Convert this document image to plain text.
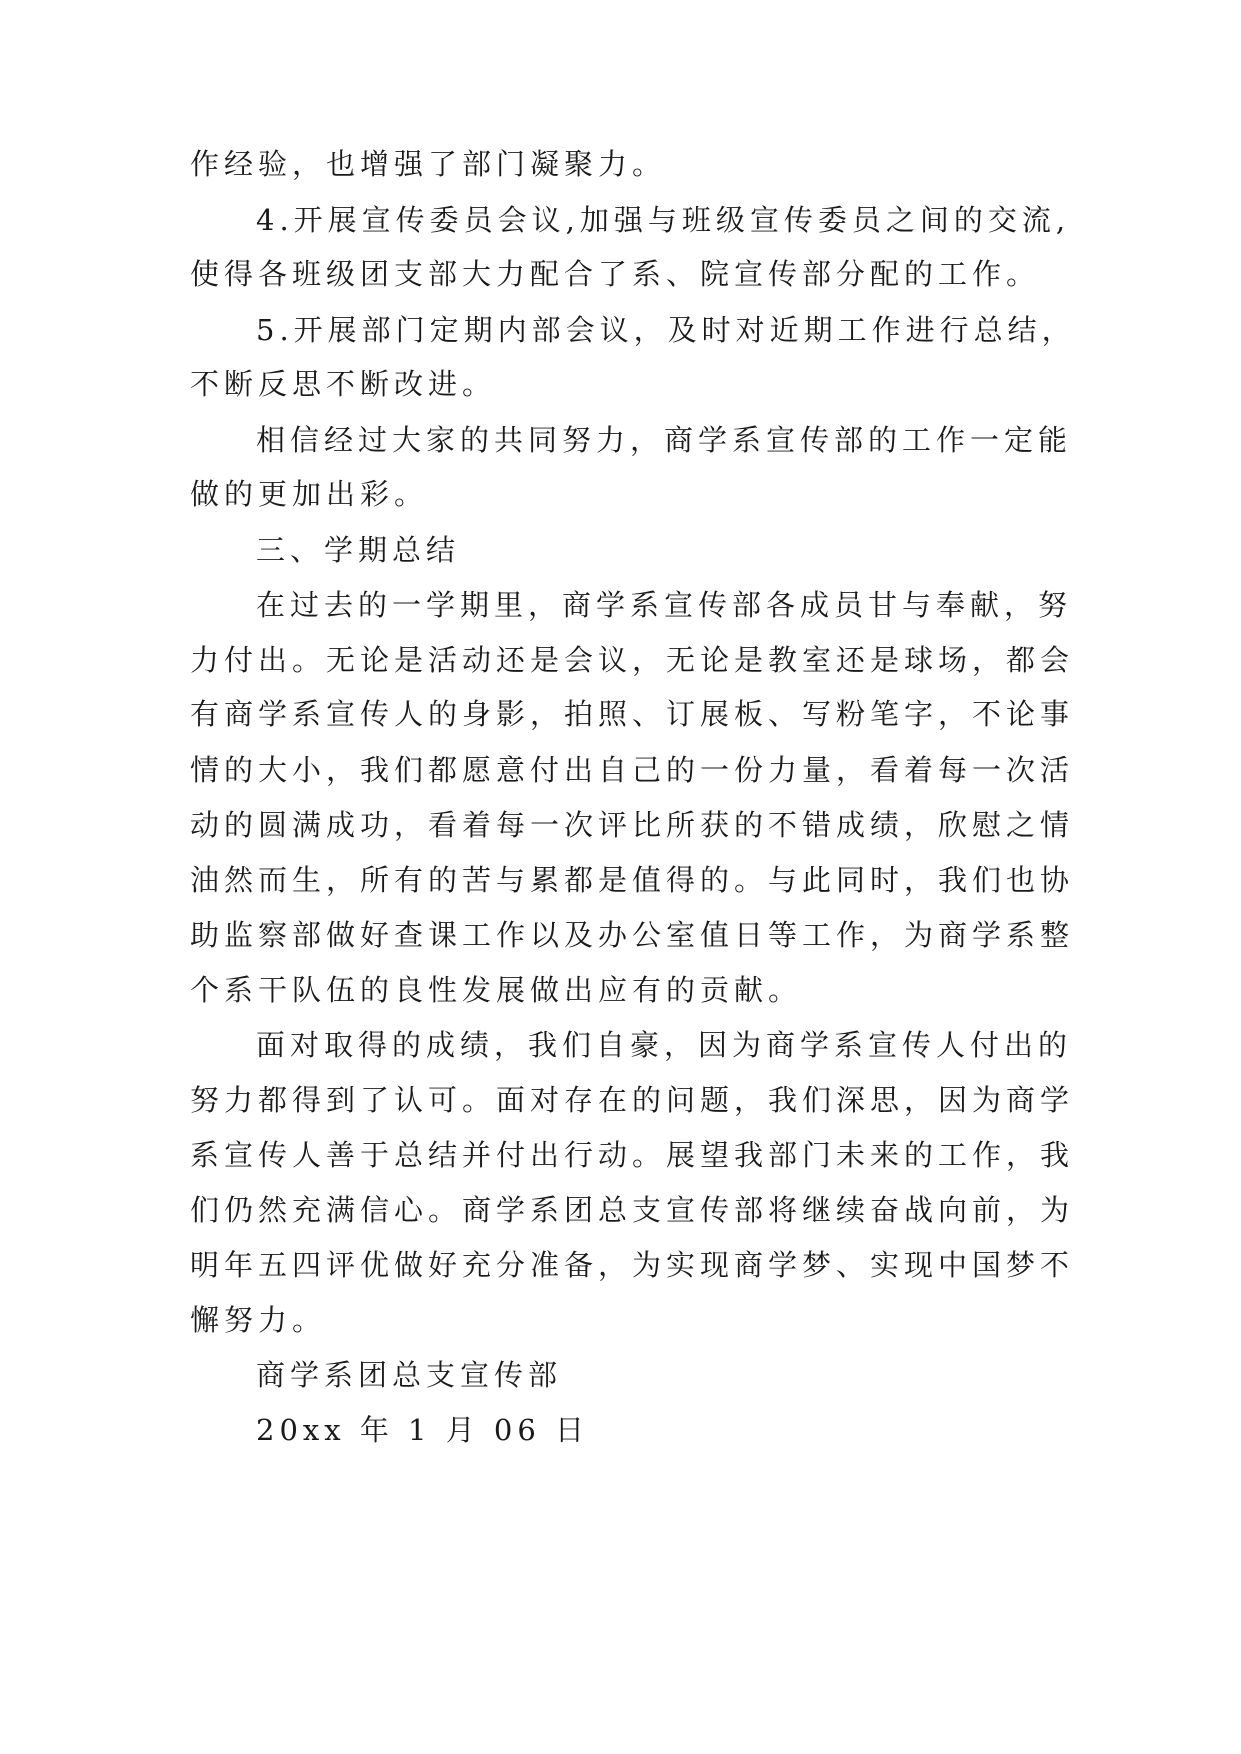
作经验，也增强了部门凝聚力。
4.开展宣传委员会议,加强与班级宣传委员之间的交流,
使得各班级团支部大力配合了系、院宣传部分配的工作。
5.开展部门定期内部会议，及时对近期工作进行总结，
不断反思不断改进。
相信经过大家的共同努力，商学系宣传部的工作一定能
做的更加出彩。
三、学期总结
在过去的一学期里，商学系宣传部各成员甘与奉献，努
力付出。无论是活动还是会议，无论是教室还是球场，都会
有商学系宣传人的身影，拍照、订展板、写粉笔字，不论事
情的大小，我们都愿意付出自己的一份力量，看着每一次活
动的圆满成功，看着每一次评比所获的不错成绩，欣慰之情
油然而生，所有的苦与累都是值得的。与此同时，我们也协
助监察部做好查课工作以及办公室值日等工作，为商学系整
个系干队伍的良性发展做出应有的贡献。
面对取得的成绩，我们自豪，因为商学系宣传人付出的
努力都得到了认可。面对存在的问题，我们深思，因为商学
系宣传人善于总结并付出行动。展望我部门未来的工作，我
们仍然充满信心。商学系团总支宣传部将继续奋战向前，为
明年五四评优做好充分准备，为实现商学梦、实现中国梦不
懈努力。
商学系团总支宣传部
20xx 年 1 月 06 日
